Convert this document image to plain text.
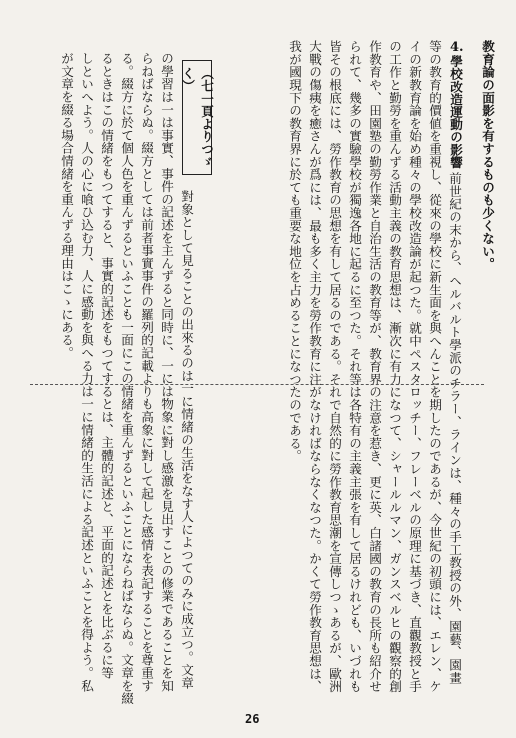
教育論の面影を有するものも少くない。
4.
學校改造運動の影響
前世紀の末から、ヘルバルト學派のチラー、ラインは、種々の手工教授の外、園藝、園畫
等の教育的價値を重視し、從來の學校に新生面を與へんことを期したのであるが、今世紀の初頭には、エレン、ケ
イの新教育論を始め種々の學校改造論が起つた。就中ペスタロッチー、フレーベルの原理に基づき、直觀教授と手
の工作と勤勞を重んずる活動主義の教育思想は、漸次に有力になつて、シャールルマン、ガンスベルヒの觀察的創
作教育や、田園塾の勤勞作業と自治生活の教育等が、教育界の注意を惹き、更に英、白諸國の教育の長所も紹介せ
られて、幾多の實驗學校が獨逸各地に起るに至つた。それ等は各特有の主義主張を有して居るけれども、いづれも
皆その根底には、勞作教育の思想を有して居るのである。それで自然的に勞作教育思潮を宣傳しつゝあるが、歐洲
大戰の傷痍を癒さんが爲には、最も多く主力を勞作教育に注がなければならなくなつた。かくて勞作教育思想は、
我が國現下の教育界に於ても重要な地位を占めることになつたのである。
（七一頁よりつゞく）
對象として見ることの出來るのは一に情緒の生活をなす人によつてのみに成立つ。文章
の學習は一は事實、事件の記述を主んずると同時に、一には物象に對し感激を見出すことの修業であることを知
らねばならぬ。綴方としては前者事實事件の羅列的記載よりも高象に對して起した感情を表記することを尊重す
る。綴方に於て個人色を重んずるといふことも一面にこの情緒を重んずるといふことにならねばならぬ。文章を綴
るときはこの情緒をもつてすると、事實的記述をもつてするとは、主體的記述と、平面的記述とを比ぶるに等
しといへよう。人の心に喰ひ込む力、人に感動を與へる力は一に情緒的生活による記述といふことを得よう。私
が文章を綴る場合情緒を重んずる理由はこゝにある。
26
